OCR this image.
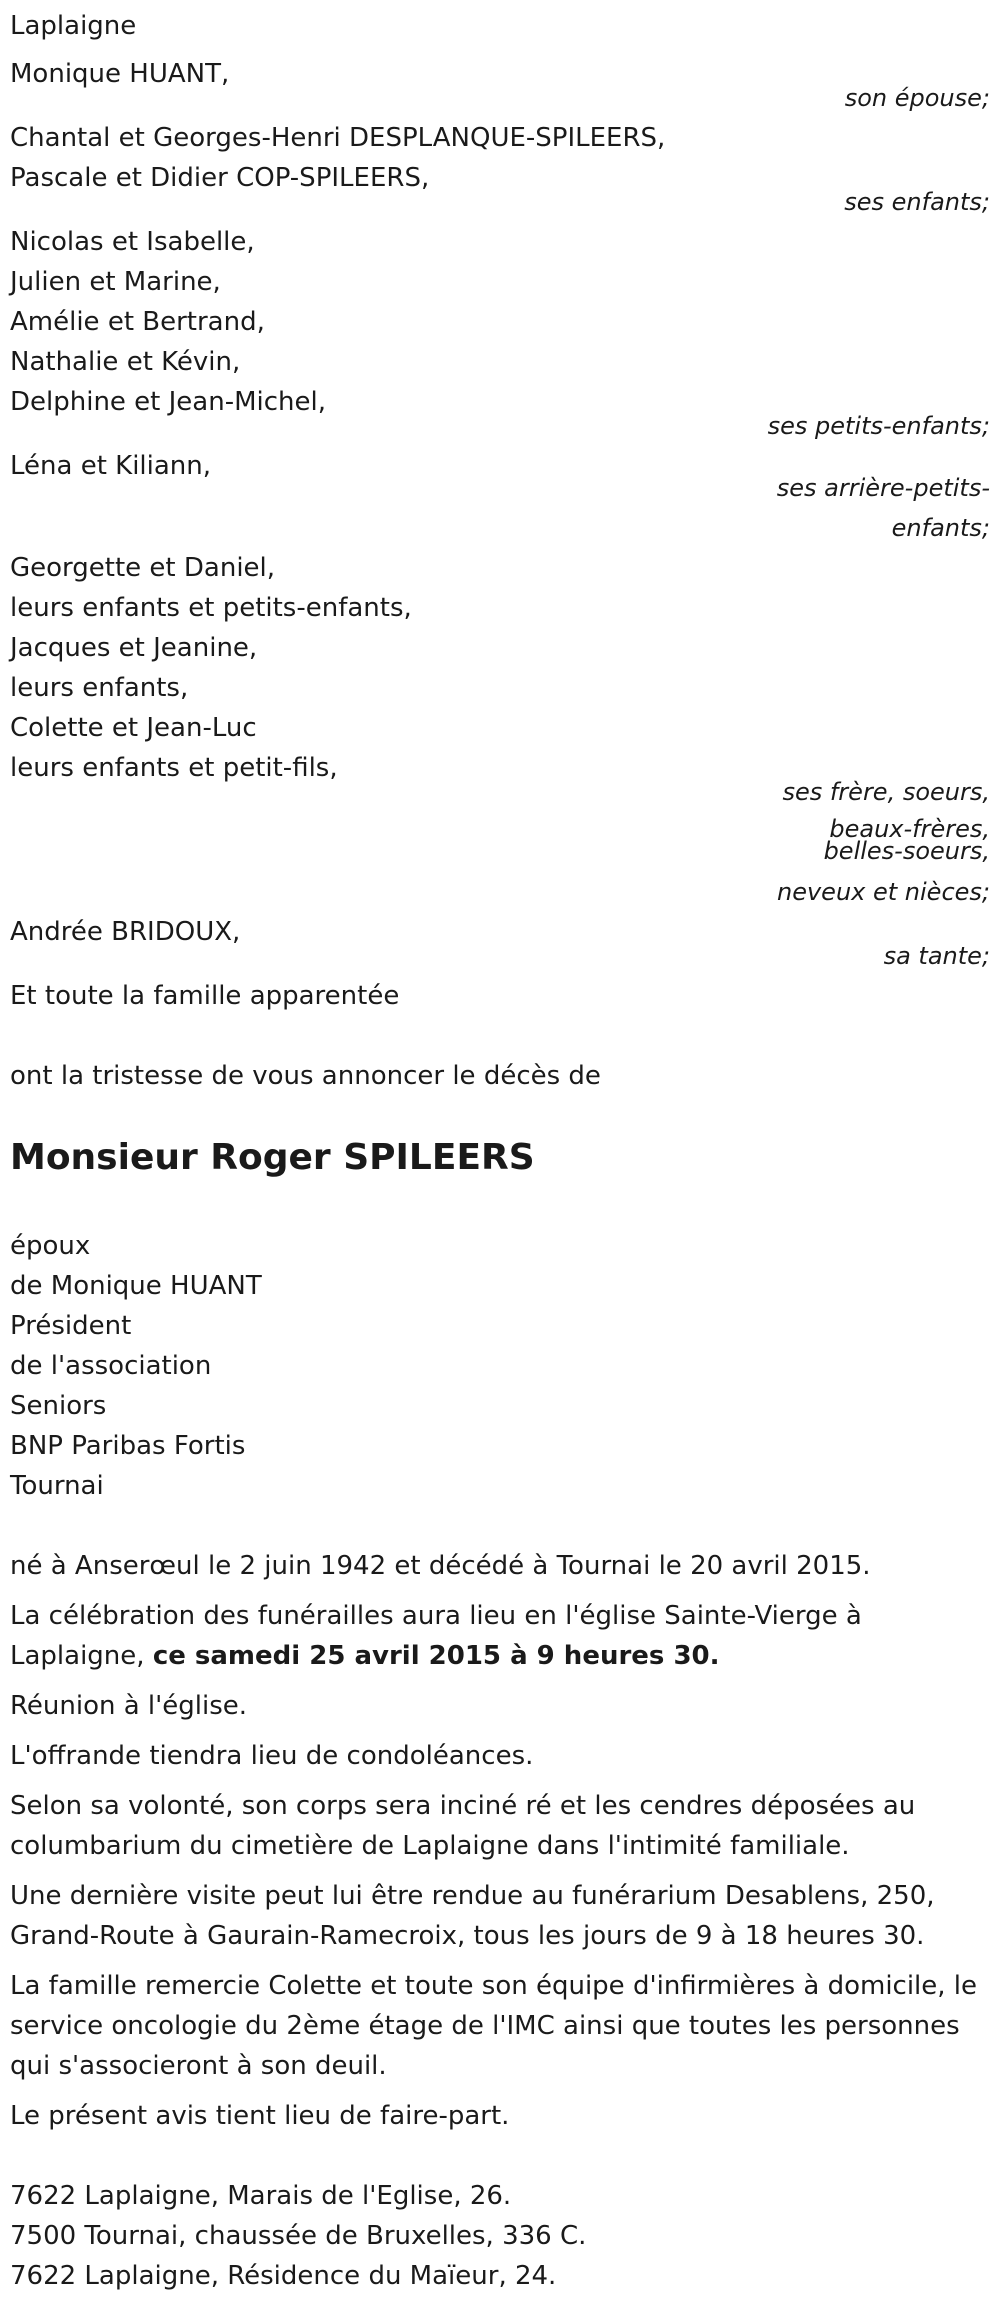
Laplaigne
Monique HUANT,
son épouse;
Chantal et Georges-Henri DESPLANQUE-SPILEERS,
Pascale et Didier COP-SPILEERS,
ses enfants;
Nicolas et Isabelle,
Julien et Marine,
Amélie et Bertrand,
Nathalie et Kévin,
Delphine et Jean-Michel,
ses petits-enfants;
Léna et Kiliann,
ses arrière-petits-
enfants;
Georgette et Daniel,
leurs enfants et petits-enfants,
Jacques et Jeanine,
leurs enfants,
Colette et Jean-Luc
leurs enfants et petit-fils,
ses frère, soeurs,
beaux-frères,
belles-soeurs,
neveux et nièces;
Andrée BRIDOUX,
sa tante;
Et toute la famille apparentée
ont la tristesse de vous annoncer le décès de
Monsieur Roger SPILEERS
époux
de Monique HUANT
Président
de l'association
Seniors
BNP Paribas Fortis
Tournai
né à Anserœul le 2 juin 1942 et décédé à Tournai le 20 avril 2015.
La célébration des funérailles aura lieu en l'église Sainte-Vierge à Laplaigne, ce samedi 25 avril 2015 à 9 heures 30.
Réunion à l'église.
L'offrande tiendra lieu de condoléances.
Selon sa volonté, son corps sera inciné ré et les cendres déposées au columbarium du cimetière de Laplaigne dans l'intimité familiale.
Une dernière visite peut lui être rendue au funérarium Desablens, 250, Grand-Route à Gaurain-Ramecroix, tous les jours de 9 à 18 heures 30.
La famille remercie Colette et toute son équipe d'infirmières à domicile, le service oncologie du 2ème étage de l'IMC ainsi que toutes les personnes qui s'associeront à son deuil.
Le présent avis tient lieu de faire-part.
7622 Laplaigne, Marais de l'Eglise, 26.
7500 Tournai, chaussée de Bruxelles, 336 C.
7622 Laplaigne, Résidence du Maïeur, 24.
